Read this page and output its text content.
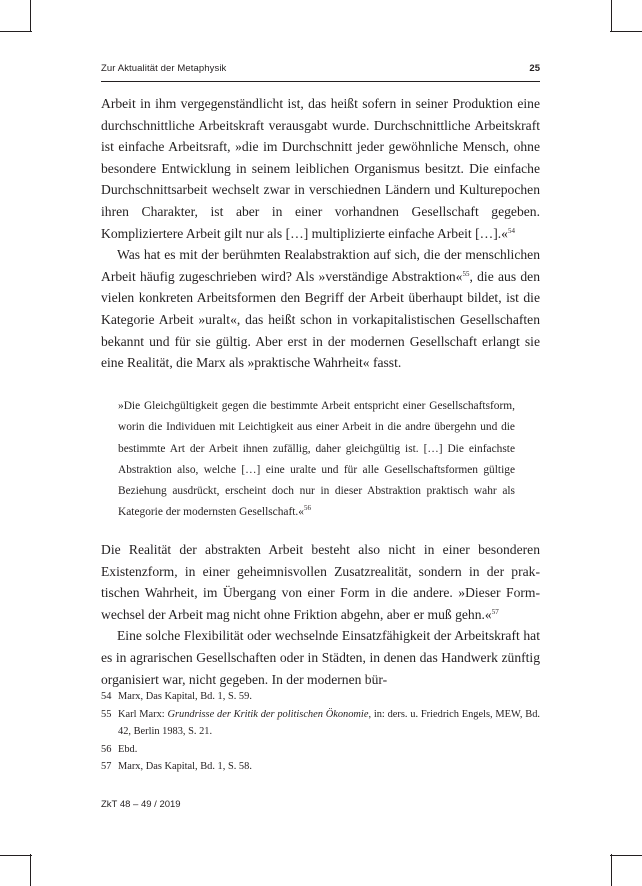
Zur Aktualität der Metaphysik	25

Arbeit in ihm vergegenständlicht ist, das heißt sofern in seiner Produktion eine durchschnittliche Arbeitskraft verausgabt wurde. Durchschnittliche Arbeitskraft ist einfache Arbeitsraft, »die im Durchschnitt jeder gewöhnliche Mensch, ohne besondere Entwicklung in seinem leiblichen Organismus besitzt. Die einfache Durchschnittsarbeit wechselt zwar in verschiednen Ländern und Kulturepochen ihren Charakter, ist aber in einer vorhandnen Gesellschaft gegeben. Kompliziertere Arbeit gilt nur als […] multiplizierte einfache Arbeit […].«$^{54}$

Was hat es mit der berühmten Realabstraktion auf sich, die der menschlichen Arbeit häufig zugeschrieben wird? Als »verständige Abstraktion«$^{55}$, die aus den vielen konkreten Arbeitsformen den Begriff der Arbeit überhaupt bildet, ist die Kategorie Arbeit »uralt«, das heißt schon in vorkapitalistischen Gesellschaften bekannt und für sie gültig. Aber erst in der modernen Gesellschaft erlangt sie eine Realität, die Marx als »praktische Wahrheit« fasst.

»Die Gleichgültigkeit gegen die bestimmte Arbeit entspricht einer Gesellschaftsform, worin die Individuen mit Leichtigkeit aus einer Arbeit in die andre übergehn und die bestimmte Art der Arbeit ihnen zufällig, daher gleichgültig ist. […] Die einfachste Abstraktion also, welche […] eine uralte und für alle Gesellschaftsformen gültige Beziehung ausdrückt, erscheint doch nur in dieser Abstraktion praktisch wahr als Kategorie der modernsten Gesellschaft.«$^{56}$

Die Realität der abstrakten Arbeit besteht also nicht in einer besonderen Existenzform, in einer geheimnisvollen Zusatzrealität, sondern in der praktischen Wahrheit, im Übergang von einer Form in die andere. »Dieser Formwechsel der Arbeit mag nicht ohne Friktion abgehn, aber er muß gehn.«$^{57}$

Eine solche Flexibilität oder wechselnde Einsatzfähigkeit der Arbeitskraft hat es in agrarischen Gesellschaften oder in Städten, in denen das Handwerk zünftig organisiert war, nicht gegeben. In der modernen bür-

54 Marx, Das Kapital, Bd. 1, S. 59.
55 Karl Marx: Grundrisse der Kritik der politischen Ökonomie, in: ders. u. Friedrich Engels, MEW, Bd. 42, Berlin 1983, S. 21.
56 Ebd.
57 Marx, Das Kapital, Bd. 1, S. 58.
ZkT 48 – 49 / 2019
